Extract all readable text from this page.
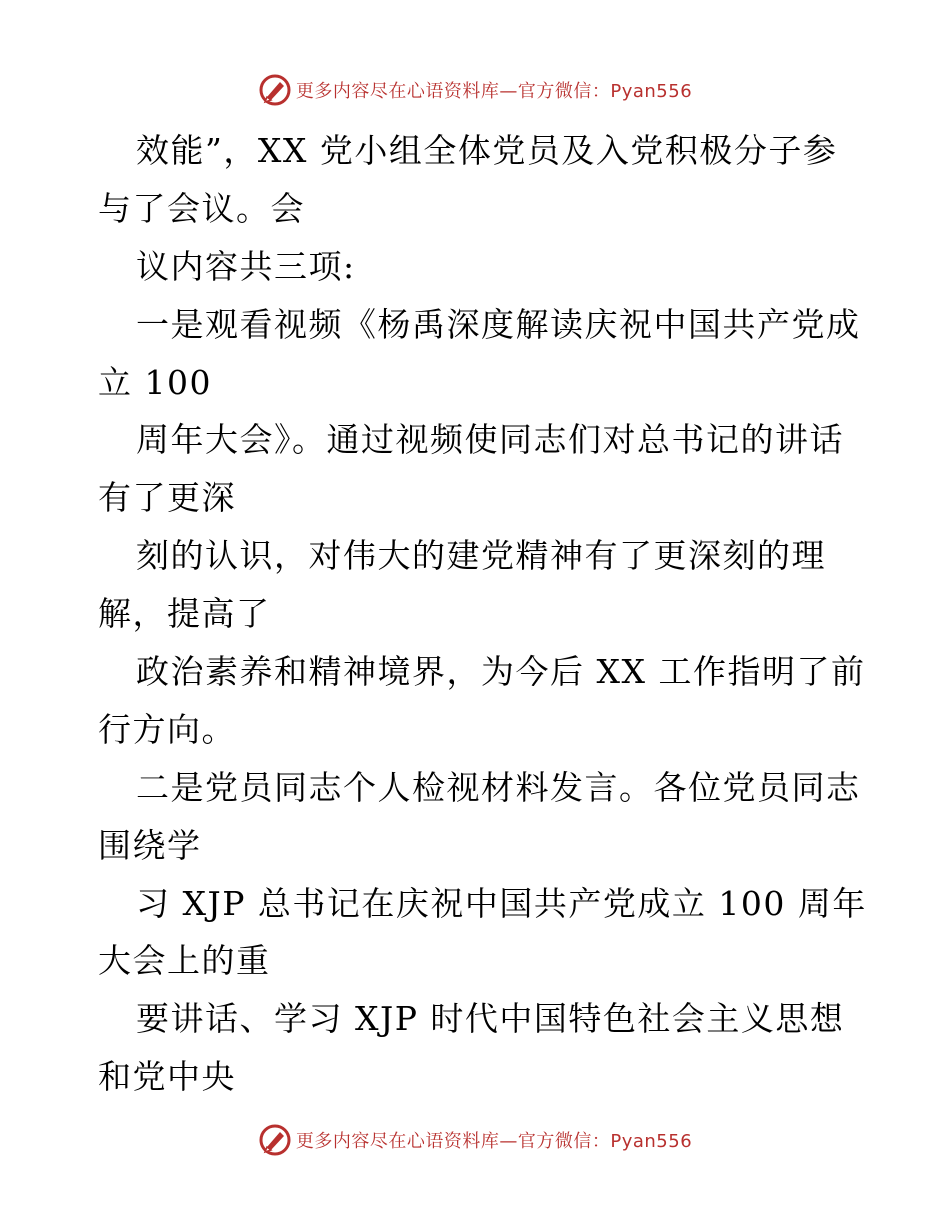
更多内容尽在心语资料库—官方微信：Pyan556
效能”，XX 党小组全体党员及入党积极分子参
与了会议。会
议内容共三项:
一是观看视频《杨禹深度解读庆祝中国共产党成
立 100
周年大会》。通过视频使同志们对总书记的讲话
有了更深
刻的认识，对伟大的建党精神有了更深刻的理
解，提高了
政治素养和精神境界，为今后 XX 工作指明了前
行方向。
二是党员同志个人检视材料发言。各位党员同志
围绕学
习 XJP 总书记在庆祝中国共产党成立 100 周年
大会上的重
要讲话、学习 XJP 时代中国特色社会主义思想
和党中央
更多内容尽在心语资料库—官方微信：Pyan556
